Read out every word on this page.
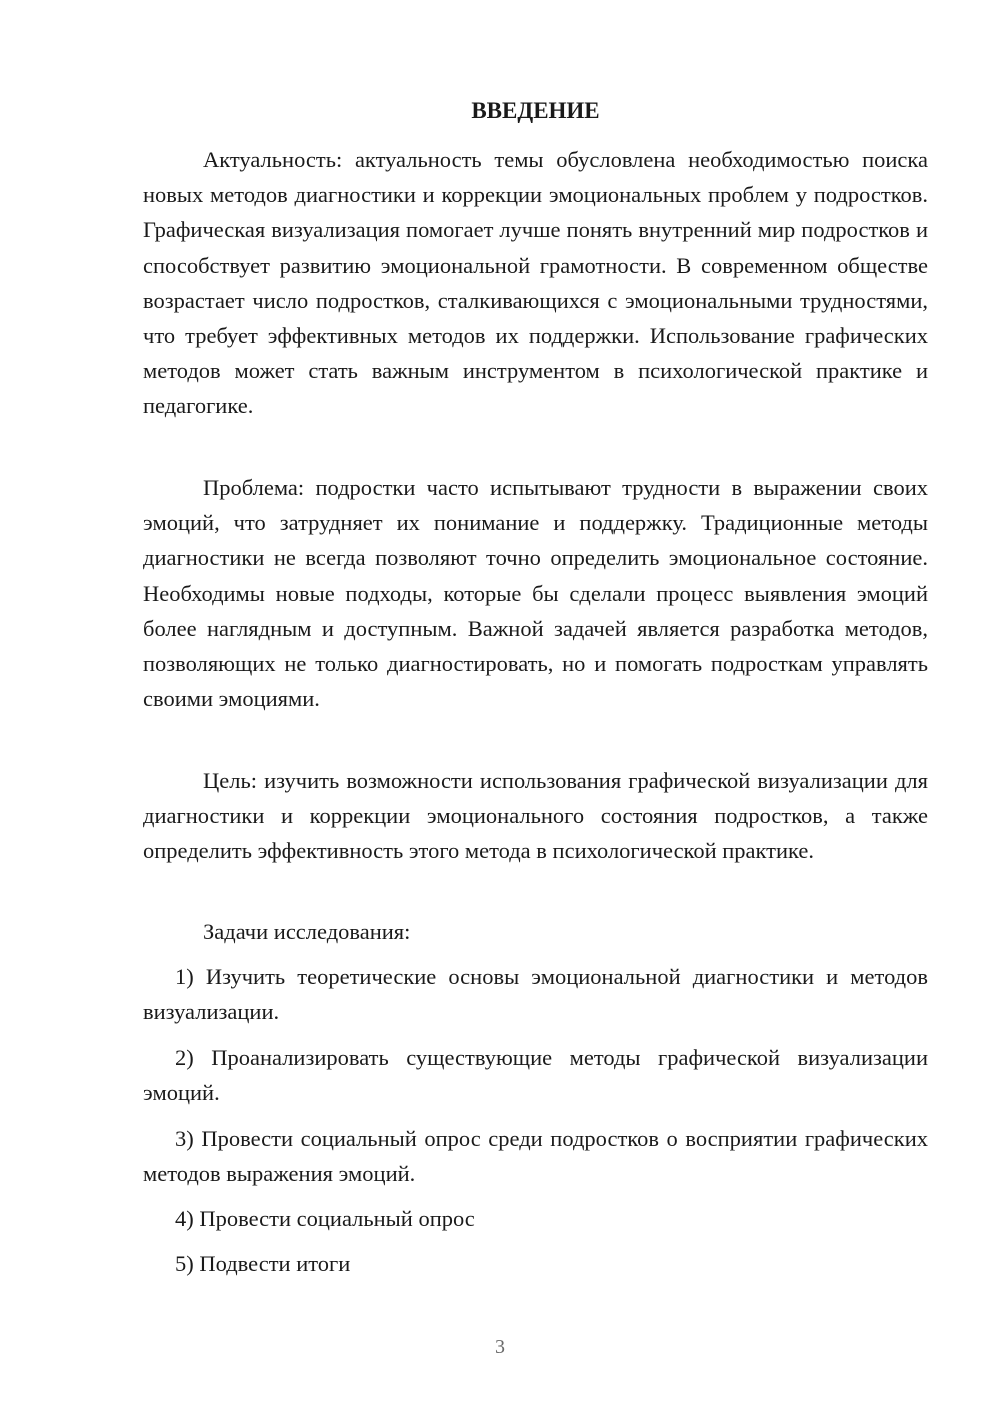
ВВЕДЕНИЕ

Актуальность: актуальность темы обусловлена необходимостью поиска новых методов диагностики и коррекции эмоциональных проблем у подростков. Графическая визуализация помогает лучше понять внутренний мир подростков и способствует развитию эмоциональной грамотности. В современном обществе возрастает число подростков, сталкивающихся с эмоциональными трудностями, что требует эффективных методов их поддержки. Использование графических методов может стать важным инструментом в психологической практике и педагогике.

Проблема: подростки часто испытывают трудности в выражении своих эмоций, что затрудняет их понимание и поддержку. Традиционные методы диагностики не всегда позволяют точно определить эмоциональное состояние. Необходимы новые подходы, которые бы сделали процесс выявления эмоций более наглядным и доступным. Важной задачей является разработка методов, позволяющих не только диагностировать, но и помогать подросткам управлять своими эмоциями.

Цель: изучить возможности использования графической визуализации для диагностики и коррекции эмоционального состояния подростков, а также определить эффективность этого метода в психологической практике.

Задачи исследования:

1) Изучить теоретические основы эмоциональной диагностики и методов визуализации.

2) Проанализировать существующие методы графической визуализации эмоций.

3) Провести социальный опрос среди подростков о восприятии графических методов выражения эмоций.

4) Провести социальный опрос

5) Подвести итоги

3
